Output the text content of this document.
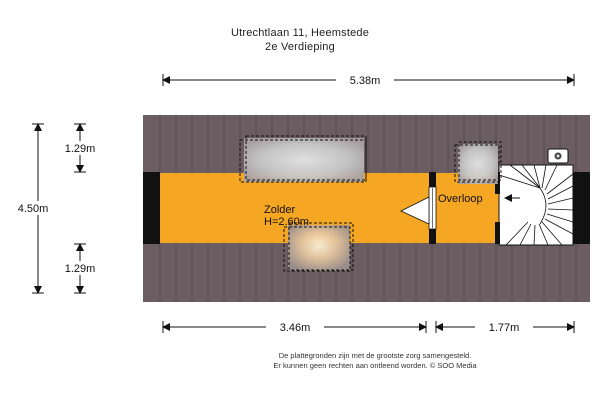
Utrechtlaan 11, Heemstede
2e Verdieping
Zolder
H=2.60m
Overloop
5.38m
4.50m
1.29m
1.29m
3.46m	1.77m
De plattegronden zijn met de grootste zorg samengesteld.
Er kunnen geen rechten aan ontleend worden. © SOO Media
